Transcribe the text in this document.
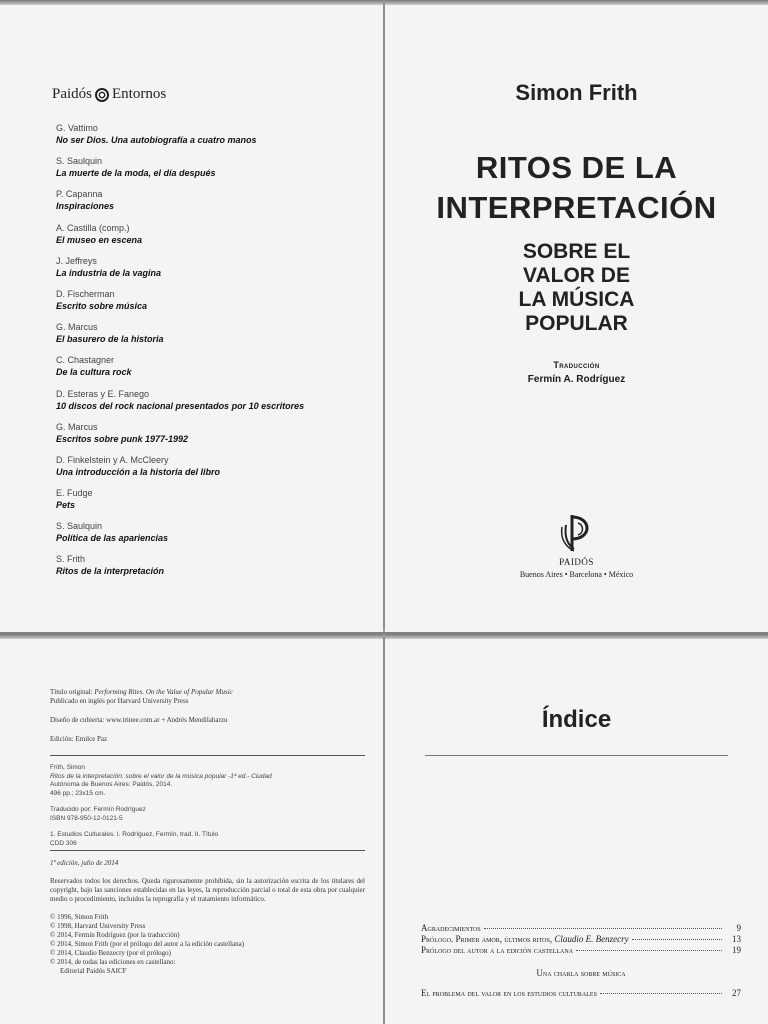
Paidós Entornos
G. Vattimo
No ser Dios. Una autobiografía a cuatro manos
S. Saulquin
La muerte de la moda, el día después
P. Capanna
Inspiraciones
A. Castilla (comp.)
El museo en escena
J. Jeffreys
La industria de la vagina
D. Fischerman
Escrito sobre música
G. Marcus
El basurero de la historia
C. Chastagner
De la cultura rock
D. Esteras y E. Fanego
10 discos del rock nacional presentados por 10 escritores
G. Marcus
Escritos sobre punk 1977-1992
D. Finkelstein y A. McCleery
Una introducción a la historia del libro
E. Fudge
Pets
S. Saulquin
Política de las apariencias
S. Frith
Ritos de la interpretación
Simon Frith
RITOS DE LA
INTERPRETACIÓN
SOBRE EL
VALOR DE
LA MÚSICA
POPULAR
Traducción
Fermín A. Rodríguez
PAIDÓS
Buenos Aires • Barcelona • México

Título original: Performing Rites. On the Value of Popular Music

Publicado en inglés por Harvard University Press

Diseño de cubierta: www.trinee.com.ar + Andrés Mendilaharzu

Edición: Emilce Paz

Frith, Simon
Ritos de la interpretación: sobre el valor de la música popular -1ª ed.- Ciudad
Autónoma de Buenos Aires: Paidós, 2014.
496 pp.; 23x15 cm.
Traducido por: Fermín Rodríguez
ISBN 978-950-12-0121-5
1. Estudios Culturales. I. Rodríguez, Fermín, trad. II. Título
CDD 306

1ª edición, julio de 2014

Reservados todos los derechos. Queda rigurosamente prohibida, sin la autorización escrita de los titulares del copyright, bajo las sanciones establecidas en las leyes, la reproducción parcial o total de esta obra por cualquier medio o procedimiento, incluidos la reprografía y el tratamiento informático.

© 1996, Simon Frith

© 1998, Harvard University Press

© 2014, Fermín Rodríguez (por la traducción)

© 2014, Simon Frith (por el prólogo del autor a la edición castellana)

© 2014, Claudio Benzecry (por el prólogo)

© 2014, de todas las ediciones en castellano:

Editorial Paidós SAICF

Índice
Agradecimientos	9
Prólogo. Primer amor, últimos ritos,
Claudio E. Benzecry	13
Prólogo del autor a la edición castellana	19
Una charla sobre música
El problema del valor en los estudios culturales	27
